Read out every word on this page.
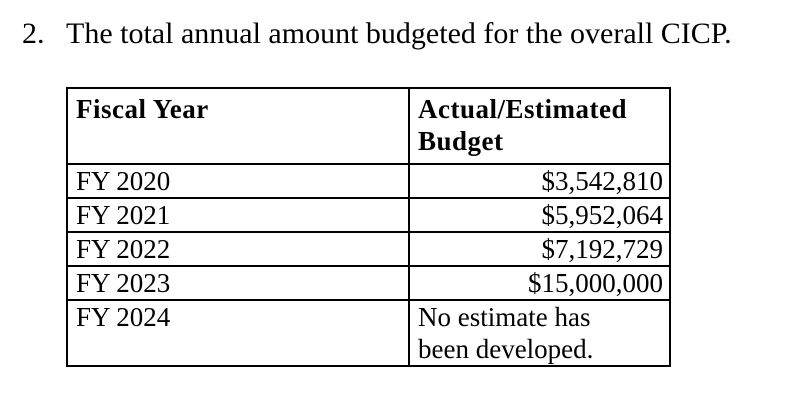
2. The total annual amount budgeted for the overall CICP.
Fiscal Year	Actual/Estimated
Budget
FY 2020	$3,542,810
FY 2021	$5,952,064
FY 2022	$7,192,729
FY 2023	$15,000,000
FY 2024	No estimate has
been developed.
